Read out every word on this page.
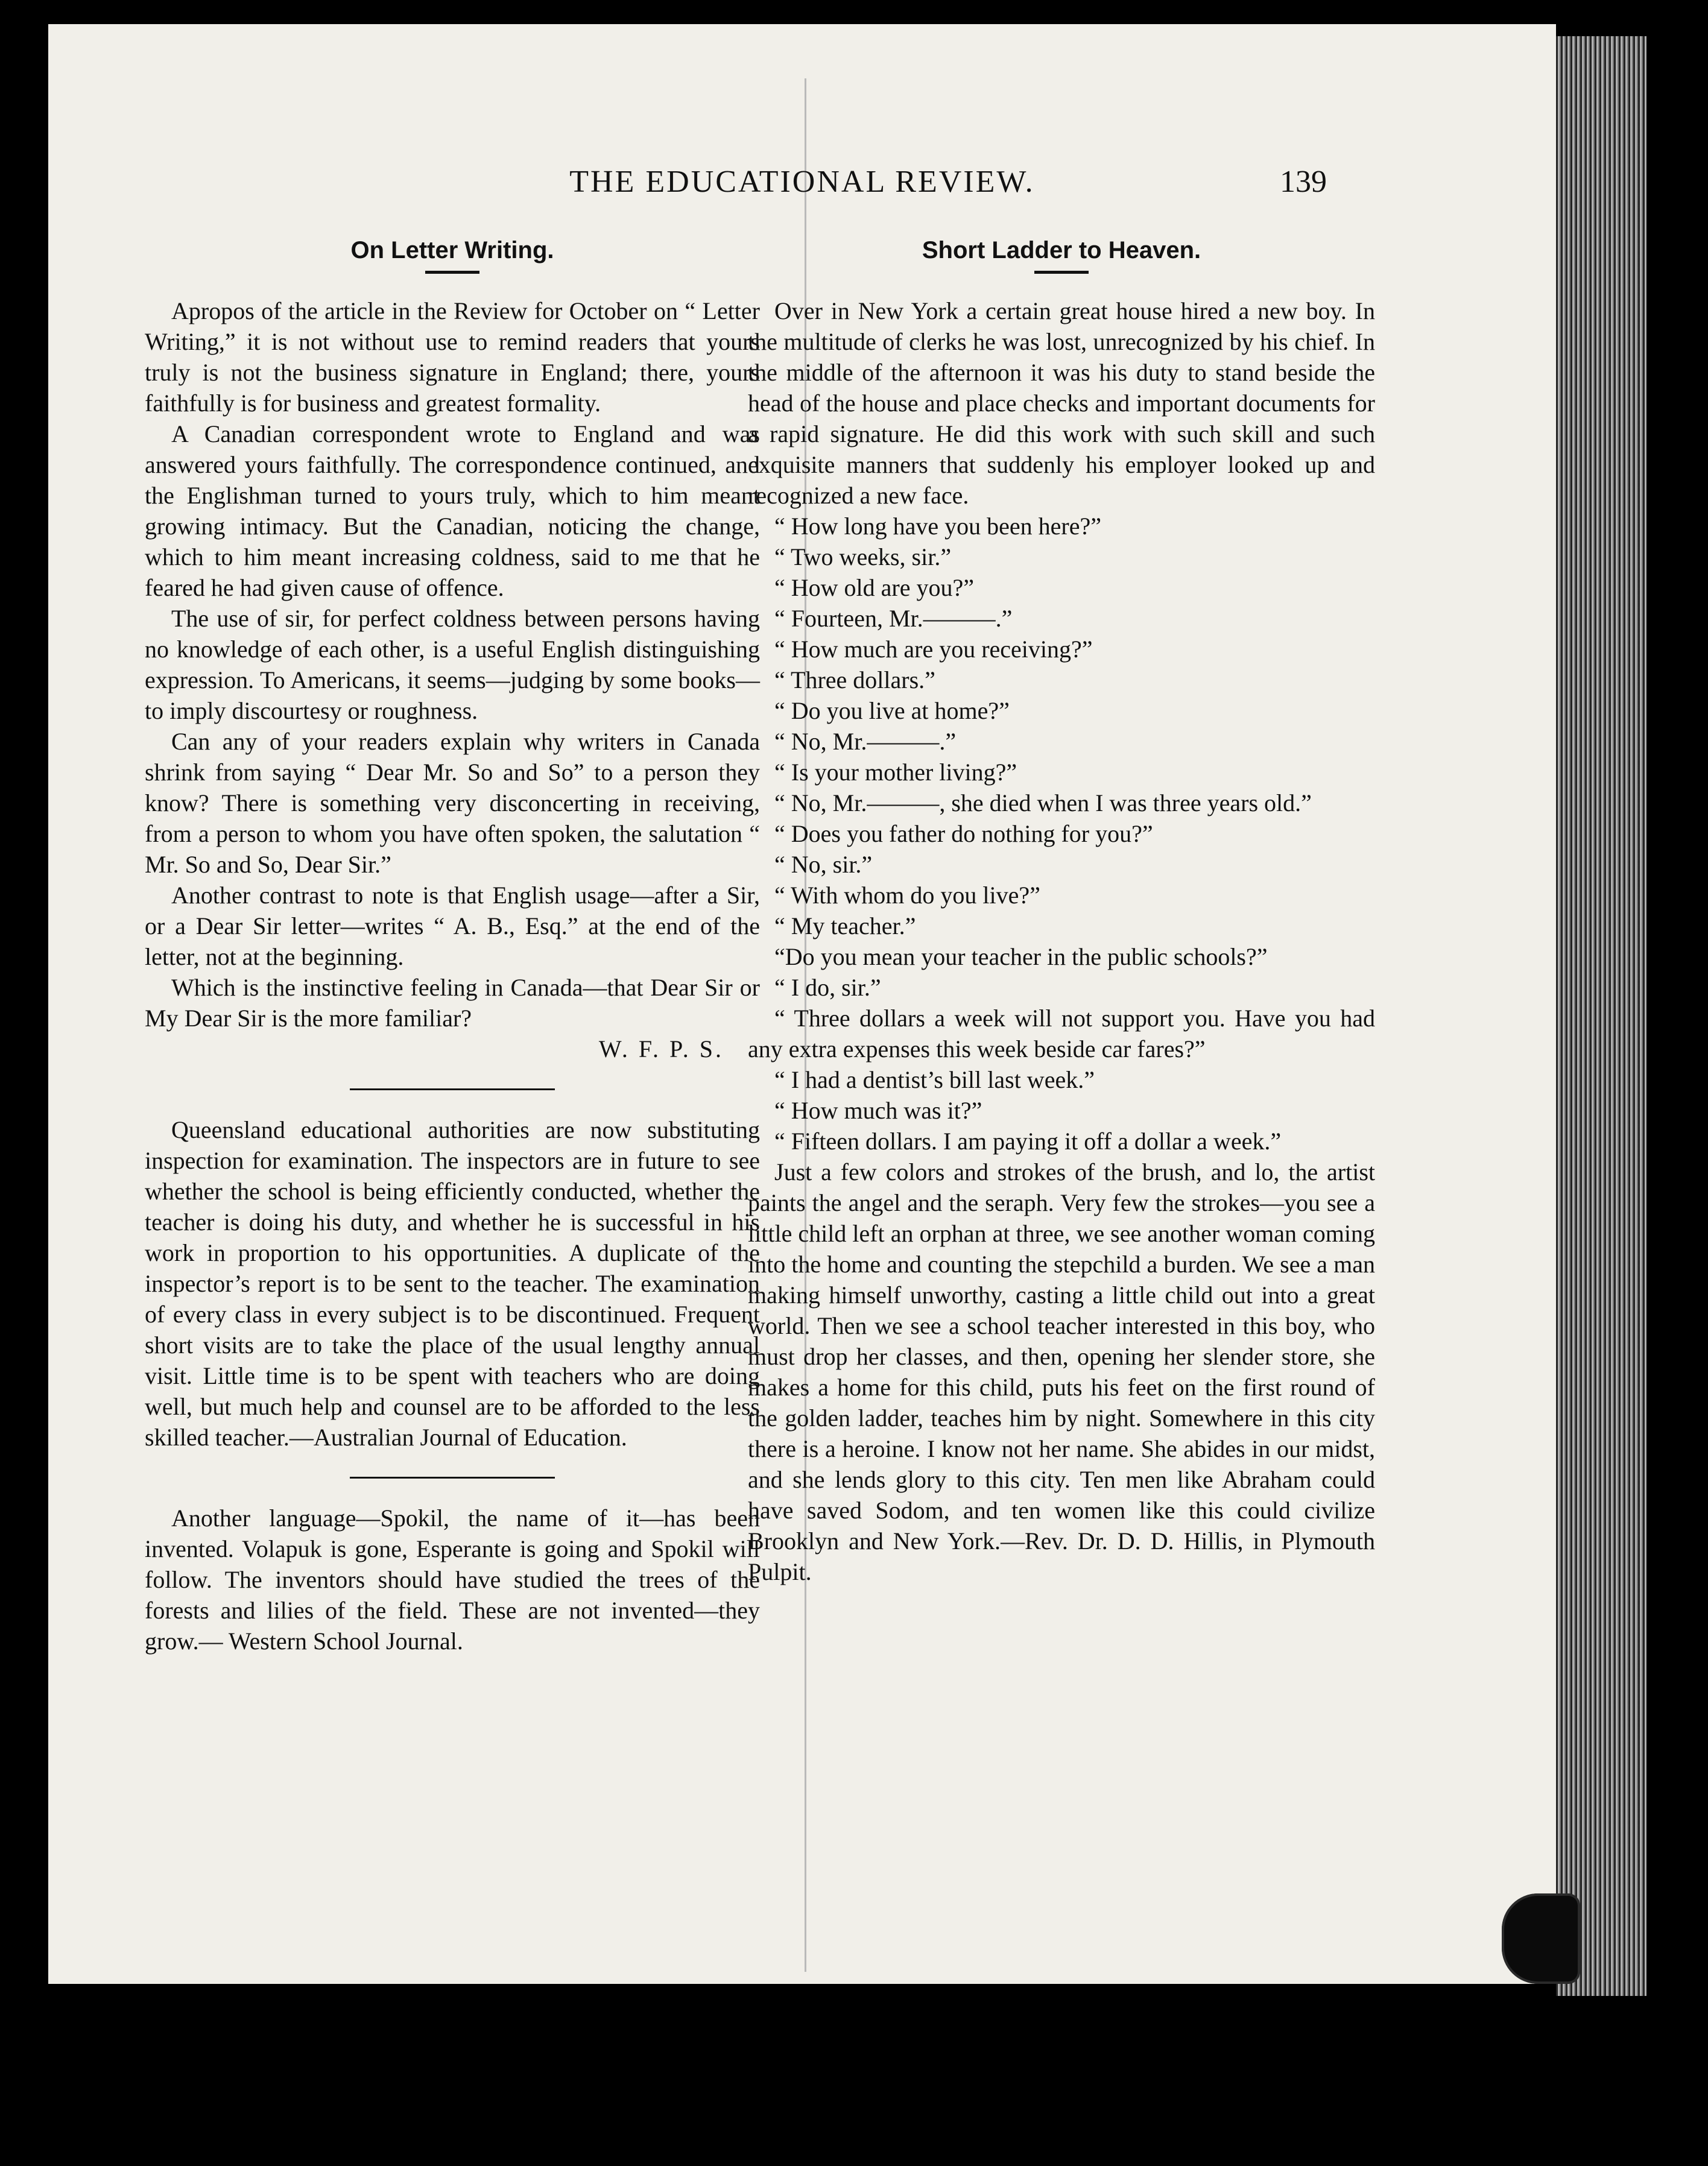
THE EDUCATIONAL REVIEW.	139
On Letter Writing.

Apropos of the article in the Review for October on “ Letter Writing,” it is not without use to remind readers that yours truly is not the business signature in England; there, yours faithfully is for business and greatest formality.

A Canadian correspondent wrote to England and was answered yours faithfully. The correspondence continued, and the Englishman turned to yours truly, which to him meant growing intimacy. But the Canadian, noticing the change, which to him meant increasing coldness, said to me that he feared he had given cause of offence.

The use of sir, for perfect coldness between persons having no knowledge of each other, is a useful English distinguishing expression. To Americans, it seems—judging by some books—to imply discourtesy or roughness.

Can any of your readers explain why writers in Canada shrink from saying “ Dear Mr. So and So” to a person they know? There is something very disconcerting in receiving, from a person to whom you have often spoken, the salutation “ Mr. So and So, Dear Sir.”

Another contrast to note is that English usage—after a Sir, or a Dear Sir letter—writes “ A. B., Esq.” at the end of the letter, not at the beginning.

Which is the instinctive feeling in Canada—that Dear Sir or My Dear Sir is the more familiar?

W. F. P. S.

Queensland educational authorities are now substituting inspection for examination. The inspectors are in future to see whether the school is being efficiently conducted, whether the teacher is doing his duty, and whether he is successful in his work in proportion to his opportunities. A duplicate of the inspector’s report is to be sent to the teacher. The examination of every class in every subject is to be discontinued. Frequent short visits are to take the place of the usual lengthy annual visit. Little time is to be spent with teachers who are doing well, but much help and counsel are to be afforded to the less skilled teacher.—Australian Journal of Education.

Another language—Spokil, the name of it—has been invented. Volapuk is gone, Esperante is going and Spokil will follow. The inventors should have studied the trees of the forests and lilies of the field. These are not invented—they grow.— Western School Journal.

Short Ladder to Heaven.

Over in New York a certain great house hired a new boy. In the multitude of clerks he was lost, unrecognized by his chief. In the middle of the afternoon it was his duty to stand beside the head of the house and place checks and important documents for a rapid signature. He did this work with such skill and such exquisite manners that suddenly his employer looked up and recognized a new face.

“ How long have you been here?”

“ Two weeks, sir.”

“ How old are you?”

“ Fourteen, Mr.———.”

“ How much are you receiving?”

“ Three dollars.”

“ Do you live at home?”

“ No, Mr.———.”

“ Is your mother living?”

“ No, Mr.———, she died when I was three years old.”

“ Does you father do nothing for you?”

“ No, sir.”

“ With whom do you live?”

“ My teacher.”

“Do you mean your teacher in the public schools?”

“ I do, sir.”

“ Three dollars a week will not support you. Have you had any extra expenses this week beside car fares?”

“ I had a dentist’s bill last week.”

“ How much was it?”

“ Fifteen dollars. I am paying it off a dollar a week.”

Just a few colors and strokes of the brush, and lo, the artist paints the angel and the seraph. Very few the strokes—you see a little child left an orphan at three, we see another woman coming into the home and counting the stepchild a burden. We see a man making himself unworthy, casting a little child out into a great world. Then we see a school teacher interested in this boy, who must drop her classes, and then, opening her slender store, she makes a home for this child, puts his feet on the first round of the golden ladder, teaches him by night. Somewhere in this city there is a heroine. I know not her name. She abides in our midst, and she lends glory to this city. Ten men like Abraham could have saved Sodom, and ten women like this could civilize Brooklyn and New York.—Rev. Dr. D. D. Hillis, in Plymouth Pulpit.
